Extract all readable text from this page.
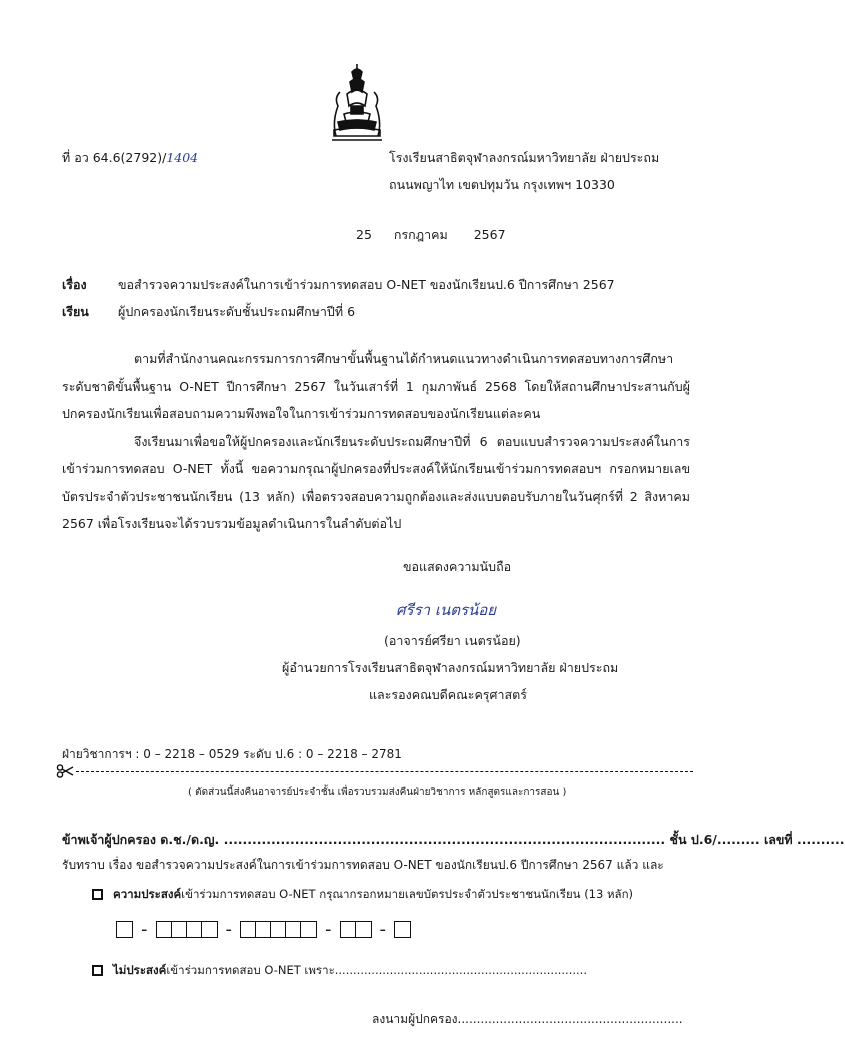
ที่ อว 64.6(2792)/1404	โรงเรียนสาธิตจุฬาลงกรณ์มหาวิทยาลัย ฝ่ายประถม
ถนนพญาไท เขตปทุมวัน กรุงเทพฯ 10330
25 กรกฎาคม 2567
เรื่อง	ขอสำรวจความประสงค์ในการเข้าร่วมการทดสอบ O-NET ของนักเรียนป.6 ปีการศึกษา 2567
เรียน ผู้ปกครองนักเรียนระดับชั้นประถมศึกษาปีที่ 6

ตามที่สำนักงานคณะกรรมการการศึกษาขั้นพื้นฐานได้กำหนดแนวทางดำเนินการทดสอบทางการศึกษาระดับชาติขั้นพื้นฐาน O-NET ปีการศึกษา 2567 ในวันเสาร์ที่ 1 กุมภาพันธ์ 2568 โดยให้สถานศึกษาประสานกับผู้ปกครองนักเรียนเพื่อสอบถามความพึงพอใจในการเข้าร่วมการทดสอบของนักเรียนแต่ละคน

จึงเรียนมาเพื่อขอให้ผู้ปกครองและนักเรียนระดับประถมศึกษาปีที่ 6 ตอบแบบสำรวจความประสงค์ในการเข้าร่วมการทดสอบ O-NET ทั้งนี้ ขอความกรุณาผู้ปกครองที่ประสงค์ให้นักเรียนเข้าร่วมการทดสอบฯ กรอกหมายเลขบัตรประจำตัวประชาชนนักเรียน (13 หลัก) เพื่อตรวจสอบความถูกต้องและส่งแบบตอบรับภายในวันศุกร์ที่ 2 สิงหาคม 2567 เพื่อโรงเรียนจะได้รวบรวมข้อมูลดำเนินการในลำดับต่อไป

ขอแสดงความนับถือ
ศรีรา เนตรน้อย
(อาจารย์ศรียา เนตรน้อย)
ผู้อำนวยการโรงเรียนสาธิตจุฬาลงกรณ์มหาวิทยาลัย ฝ่ายประถม
และรองคณบดีคณะครุศาสตร์
ฝ่ายวิชาการฯ : 0 – 2218 – 0529 ระดับ ป.6 : 0 – 2218 – 2781
( ตัดส่วนนี้ส่งคืนอาจารย์ประจำชั้น เพื่อรวบรวมส่งคืนฝ่ายวิชาการ หลักสูตรและการสอน )
ข้าพเจ้าผู้ปกครอง ด.ช./ด.ญ. ............................................................................................. ชั้น ป.6/......... เลขที่ ..........
รับทราบ เรื่อง ขอสำรวจความประสงค์ในการเข้าร่วมการทดสอบ O-NET ของนักเรียนป.6 ปีการศึกษา 2567 แล้ว และ
ความประสงค์เข้าร่วมการทดสอบ O-NET กรุณากรอกหมายเลขบัตรประจำตัวประชาชนนักเรียน (13 หลัก)
-	-	-	-
ไม่ประสงค์เข้าร่วมการทดสอบ O-NET เพราะ.....................................................................
ลงนามผู้ปกครอง...........................................................
